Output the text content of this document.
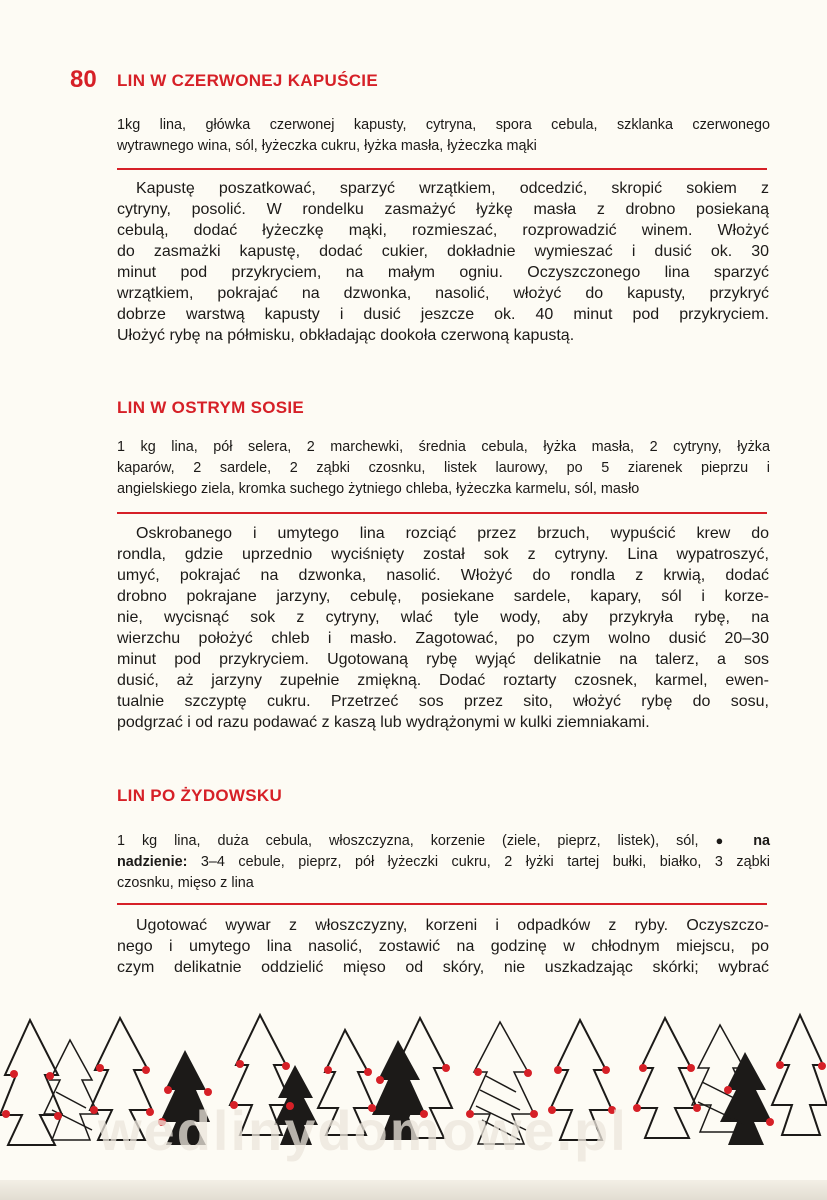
80 LIN W CZERWONEJ KAPUŚCIE
1kg lina, główka czerwonej kapusty, cytryna, spora cebula, szklanka czerwonego
wytrawnego wina, sól, łyżeczka cukru, łyżka masła, łyżeczka mąki
Kapustę poszatkować, sparzyć wrzątkiem, odcedzić, skropić sokiem z
cytryny, posolić. W rondelku zasmażyć łyżkę masła z drobno posiekaną
cebulą, dodać łyżeczkę mąki, rozmieszać, rozprowadzić winem. Włożyć
do zasmażki kapustę, dodać cukier, dokładnie wymieszać i dusić ok. 30
minut pod przykryciem, na małym ogniu. Oczyszczonego lina sparzyć
wrzątkiem, pokrajać na dzwonka, nasolić, włożyć do kapusty, przykryć
dobrze warstwą kapusty i dusić jeszcze ok. 40 minut pod przykryciem.
Ułożyć rybę na półmisku, obkładając dookoła czerwoną kapustą.
LIN W OSTRYM SOSIE
1 kg lina, pół selera, 2 marchewki, średnia cebula, łyżka masła, 2 cytryny, łyżka
kaparów, 2 sardele, 2 ząbki czosnku, listek laurowy, po 5 ziarenek pieprzu i
angielskiego ziela, kromka suchego żytniego chleba, łyżeczka karmelu, sól, masło
Oskrobanego i umytego lina rozciąć przez brzuch, wypuścić krew do
rondla, gdzie uprzednio wyciśnięty został sok z cytryny. Lina wypatroszyć,
umyć, pokrajać na dzwonka, nasolić. Włożyć do rondla z krwią, dodać
drobno pokrajane jarzyny, cebulę, posiekane sardele, kapary, sól i korze-
nie, wycisnąć sok z cytryny, wlać tyle wody, aby przykryła rybę, na
wierzchu położyć chleb i masło. Zagotować, po czym wolno dusić 20–30
minut pod przykryciem. Ugotowaną rybę wyjąć delikatnie na talerz, a sos
dusić, aż jarzyny zupełnie zmiękną. Dodać roztarty czosnek, karmel, ewen-
tualnie szczyptę cukru. Przetrzeć sos przez sito, włożyć rybę do sosu,
podgrzać i od razu podawać z kaszą lub wydrążonymi w kulki ziemniakami.
LIN PO ŻYDOWSKU
1 kg lina, duża cebula, włoszczyzna, korzenie (ziele, pieprz, listek), sól, ● na
nadzienie: 3–4 cebule, pieprz, pół łyżeczki cukru, 2 łyżki tartej bułki, białko, 3 ząbki
czosnku, mięso z lina
Ugotować wywar z włoszczyzny, korzeni i odpadków z ryby. Oczyszczo-
nego i umytego lina nasolić, zostawić na godzinę w chłodnym miejscu, po
czym delikatnie oddzielić mięso od skóry, nie uszkadzając skórki; wybrać
wedlinydomowe.pl
